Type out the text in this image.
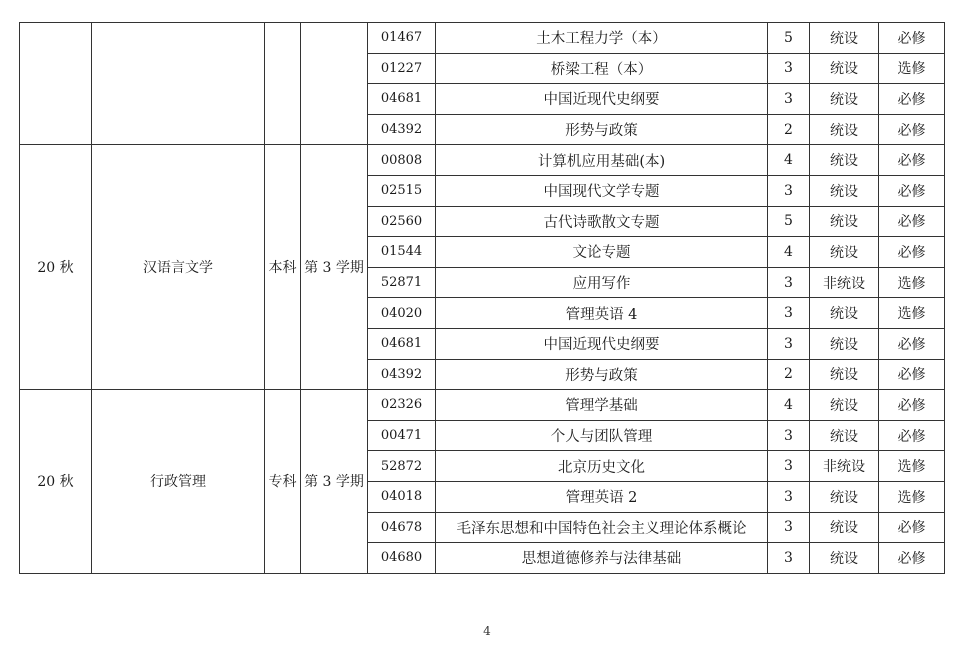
				01467	土木工程力学（本）	5	统设	必修
				01227	桥梁工程（本）	3	统设	选修
				04681	中国近现代史纲要	3	统设	必修
				04392	形势与政策	2	统设	必修
20 秋	汉语言文学	本科	第 3 学期	00808	计算机应用基础(本)	4	统设	必修
				02515	中国现代文学专题	3	统设	必修
				02560	古代诗歌散文专题	5	统设	必修
				01544	文论专题	4	统设	必修
				52871	应用写作	3	非统设	选修
				04020	管理英语 4	3	统设	选修
				04681	中国近现代史纲要	3	统设	必修
				04392	形势与政策	2	统设	必修
20 秋	行政管理	专科	第 3 学期	02326	管理学基础	4	统设	必修
				00471	个人与团队管理	3	统设	必修
				52872	北京历史文化	3	非统设	选修
				04018	管理英语 2	3	统设	选修
				04678	毛泽东思想和中国特色社会主义理论体系概论	3	统设	必修
				04680	思想道德修养与法律基础	3	统设	必修
4
